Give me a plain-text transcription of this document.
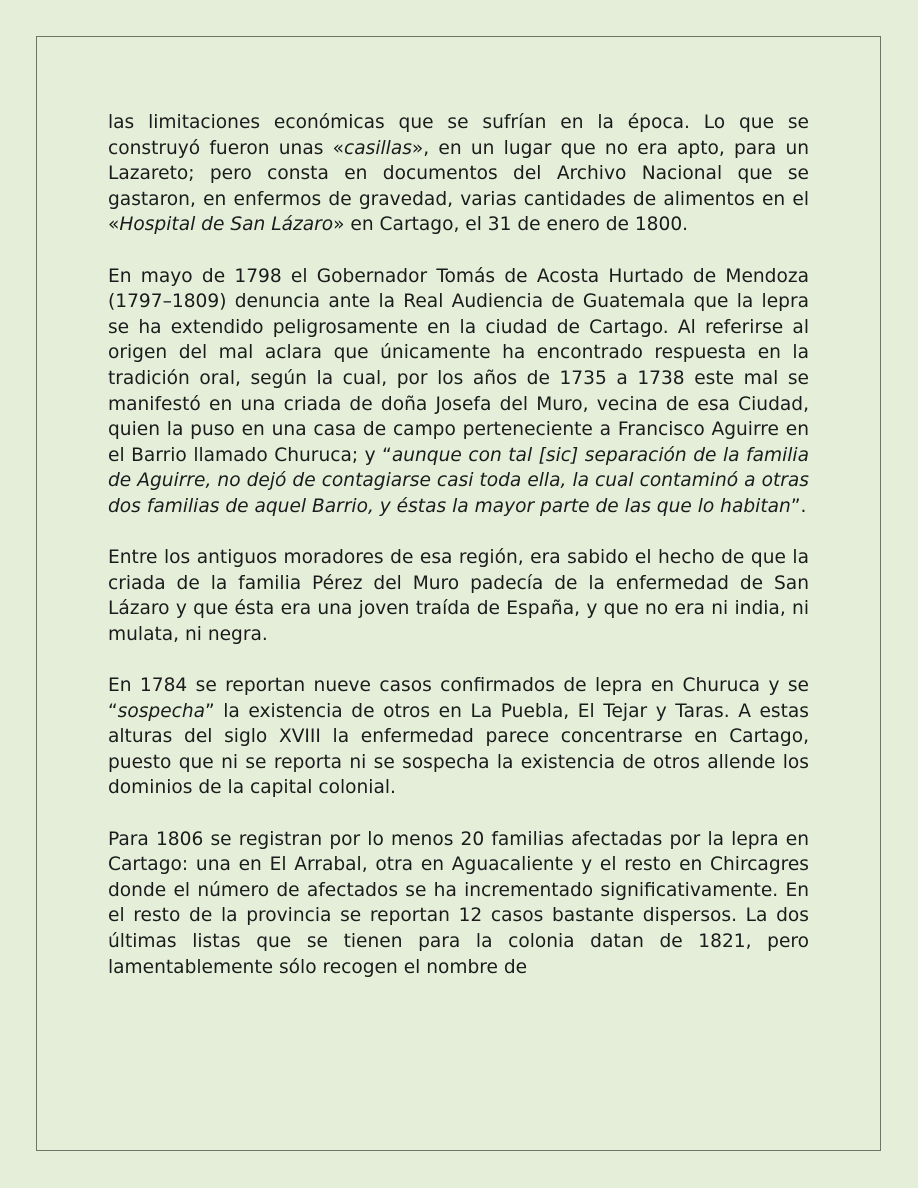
las limitaciones económicas que se sufrían en la época. Lo que se construyó fueron unas «casillas», en un lugar que no era apto, para un Lazareto; pero consta en documentos del Archivo Nacional que se gastaron, en enfermos de gravedad, varias cantidades de alimentos en el «Hospital de San Lázaro» en Cartago, el 31 de enero de 1800.

En mayo de 1798 el Gobernador Tomás de Acosta Hurtado de Mendoza (1797–1809) denuncia ante la Real Audiencia de Guatemala que la lepra se ha extendido peligrosamente en la ciudad de Cartago. Al referirse al origen del mal aclara que únicamente ha encontrado respuesta en la tradición oral, según la cual, por los años de 1735 a 1738 este mal se manifestó en una criada de doña Josefa del Muro, vecina de esa Ciudad, quien la puso en una casa de campo perteneciente a Francisco Aguirre en el Barrio llamado Churuca; y “aunque con tal [sic] separación de la familia de Aguirre, no dejó de contagiarse casi toda ella, la cual contaminó a otras dos familias de aquel Barrio, y éstas la mayor parte de las que lo habitan”.

Entre los antiguos moradores de esa región, era sabido el hecho de que la criada de la familia Pérez del Muro padecía de la enfermedad de San Lázaro y que ésta era una joven traída de España, y que no era ni india, ni mulata, ni negra.

En 1784 se reportan nueve casos confirmados de lepra en Churuca y se “sospecha” la existencia de otros en La Puebla, El Tejar y Taras. A estas alturas del siglo XVIII la enfermedad parece concentrarse en Cartago, puesto que ni se reporta ni se sospecha la existencia de otros allende los dominios de la capital colonial.

Para 1806 se registran por lo menos 20 familias afectadas por la lepra en Cartago: una en El Arrabal, otra en Aguacaliente y el resto en Chircagres donde el número de afectados se ha incrementado significativamente. En el resto de la provincia se reportan 12 casos bastante dispersos. La dos últimas listas que se tienen para la colonia datan de 1821, pero lamentablemente sólo recogen el nombre de
